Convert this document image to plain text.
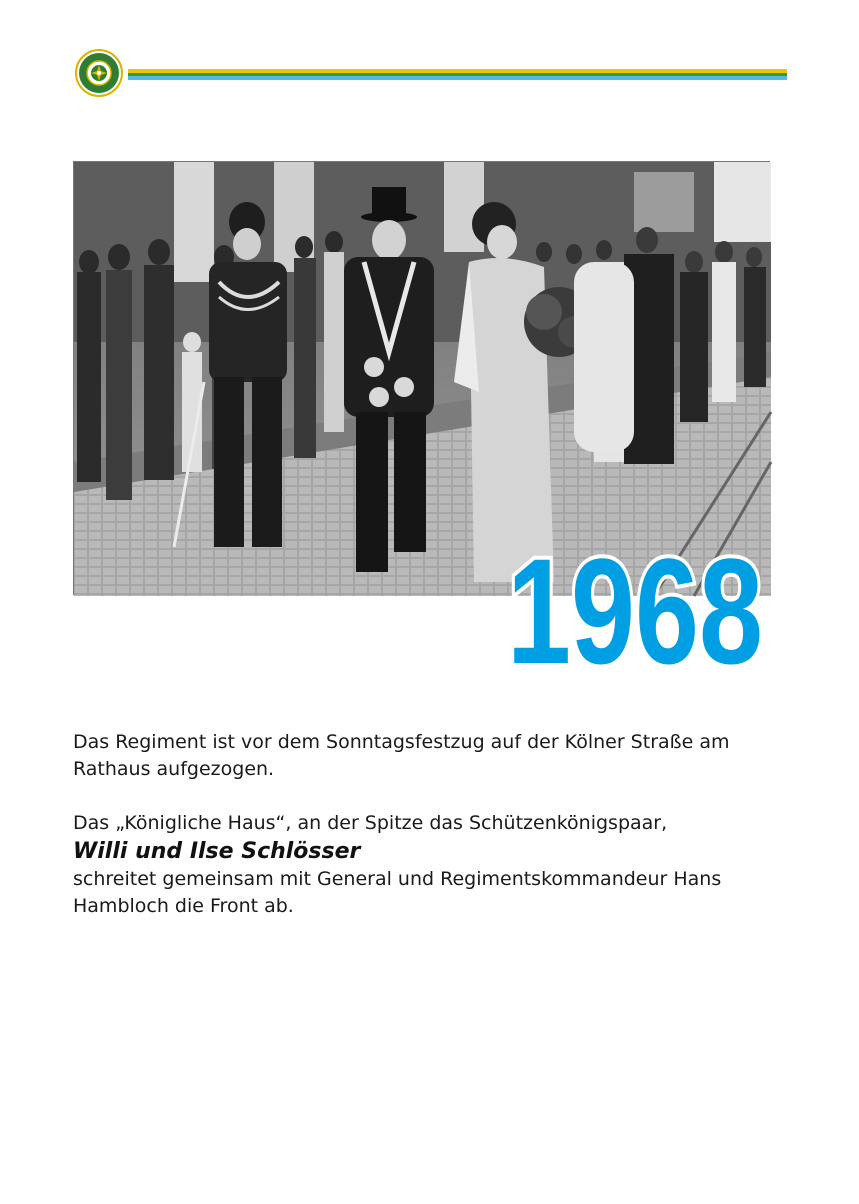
1968

Das Regiment ist vor dem Sonntagsfestzug auf der Kölner Straße am
Rathaus aufgezogen.

Das „Königliche Haus“, an der Spitze das Schützenkönigspaar,
Willi und Ilse Schlösser
schreitet gemeinsam mit General und Regimentskommandeur Hans
Hambloch die Front ab.
